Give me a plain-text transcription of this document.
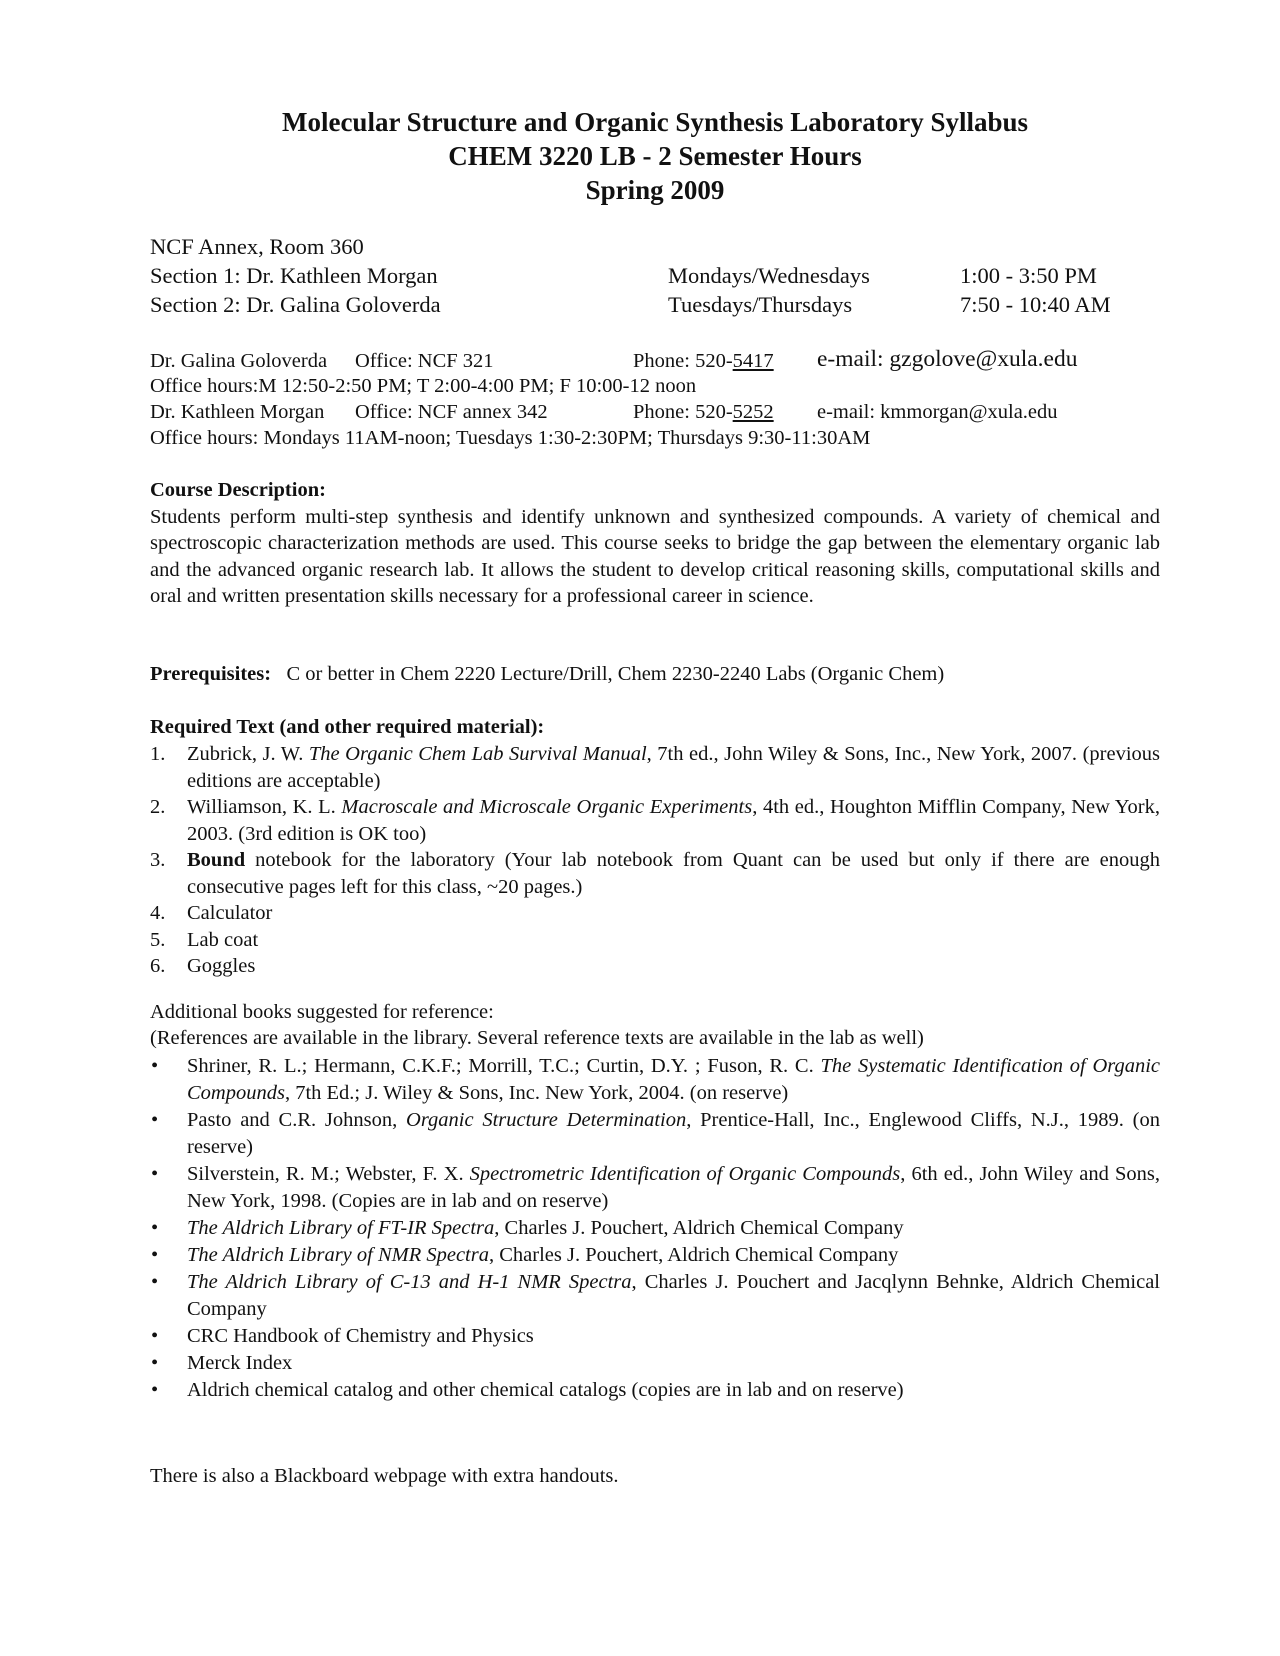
Molecular Structure and Organic Synthesis Laboratory Syllabus
CHEM 3220 LB - 2 Semester Hours
Spring 2009
NCF Annex, Room 360
Section 1: Dr. Kathleen Morgan	Mondays/Wednesdays	1:00 - 3:50 PM
Section 2: Dr. Galina Goloverda	Tuesdays/Thursdays	7:50 - 10:40 AM
Dr. Galina Goloverda Office: NCF 321	Phone: 520-5417 e-mail: gzgolove@xula.edu
Office hours:M 12:50-2:50 PM; T 2:00-4:00 PM; F 10:00-12 noon
Dr. Kathleen Morgan Office: NCF annex 342	Phone: 520-5252 e-mail: kmmorgan@xula.edu
Office hours: Mondays 11AM-noon; Tuesdays 1:30-2:30PM; Thursdays 9:30-11:30AM
Course Description:
Students perform multi-step synthesis and identify unknown and synthesized compounds. A variety of chemical and spectroscopic characterization methods are used. This course seeks to bridge the gap between the elementary organic lab and the advanced organic research lab. It allows the student to develop critical reasoning skills, computational skills and oral and written presentation skills necessary for a professional career in science.
Prerequisites: C or better in Chem 2220 Lecture/Drill, Chem 2230-2240 Labs (Organic Chem)
Required Text (and other required material):
1. Zubrick, J. W. The Organic Chem Lab Survival Manual, 7th ed., John Wiley & Sons, Inc., New York, 2007. (previous editions are acceptable)
2. Williamson, K. L. Macroscale and Microscale Organic Experiments, 4th ed., Houghton Mifflin Company, New York, 2003. (3rd edition is OK too)
3. Bound notebook for the laboratory (Your lab notebook from Quant can be used but only if there are enough consecutive pages left for this class, ~20 pages.)
4. Calculator
5. Lab coat
6. Goggles
Additional books suggested for reference:
(References are available in the library. Several reference texts are available in the lab as well)
• Shriner, R. L.; Hermann, C.K.F.; Morrill, T.C.; Curtin, D.Y. ; Fuson, R. C. The Systematic Identification of Organic Compounds, 7th Ed.; J. Wiley & Sons, Inc. New York, 2004. (on reserve)
• Pasto and C.R. Johnson, Organic Structure Determination, Prentice-Hall, Inc., Englewood Cliffs, N.J., 1989. (on reserve)
• Silverstein, R. M.; Webster, F. X. Spectrometric Identification of Organic Compounds, 6th ed., John Wiley and Sons, New York, 1998. (Copies are in lab and on reserve)
• The Aldrich Library of FT-IR Spectra, Charles J. Pouchert, Aldrich Chemical Company
• The Aldrich Library of NMR Spectra, Charles J. Pouchert, Aldrich Chemical Company
• The Aldrich Library of C-13 and H-1 NMR Spectra, Charles J. Pouchert and Jacqlynn Behnke, Aldrich Chemical Company
• CRC Handbook of Chemistry and Physics
• Merck Index
• Aldrich chemical catalog and other chemical catalogs (copies are in lab and on reserve)
There is also a Blackboard webpage with extra handouts.
